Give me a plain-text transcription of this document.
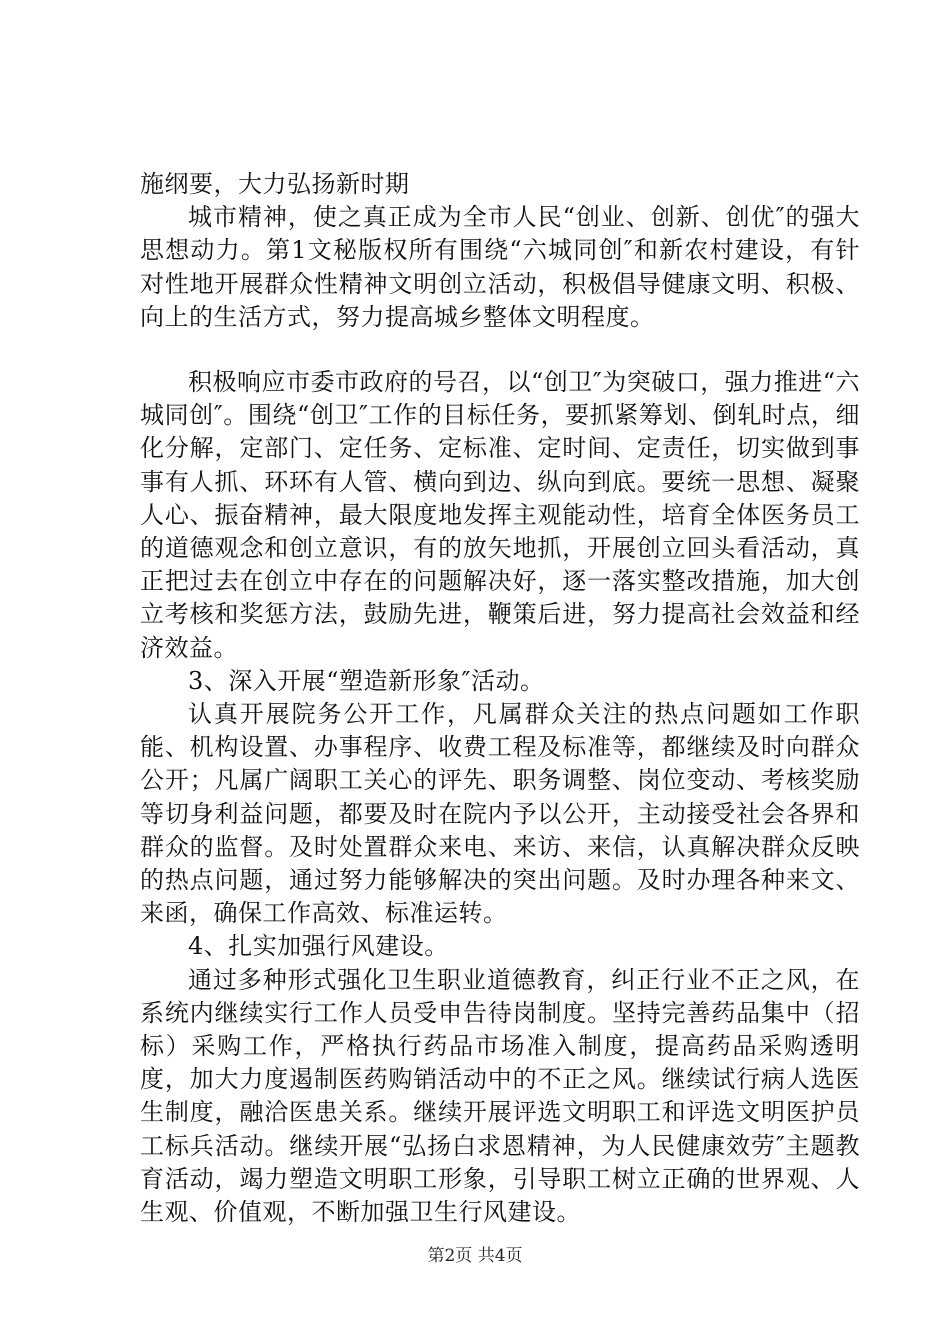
施纲要，大力弘扬新时期

城市精神，使之真正成为全市人民“创业、创新、创优″的强大思想动力。第1文秘版权所有围绕“六城同创″和新农村建设，有针对性地开展群众性精神文明创立活动，积极倡导健康文明、积极、向上的生活方式，努力提高城乡整体文明程度。

积极响应市委市政府的号召，以“创卫″为突破口，强力推进“六城同创″。围绕“创卫″工作的目标任务，要抓紧筹划、倒轧时点，细化分解，定部门、定任务、定标准、定时间、定责任，切实做到事事有人抓、环环有人管、横向到边、纵向到底。要统一思想、凝聚人心、振奋精神，最大限度地发挥主观能动性，培育全体医务员工的道德观念和创立意识，有的放矢地抓，开展创立回头看活动，真正把过去在创立中存在的问题解决好，逐一落实整改措施，加大创立考核和奖惩方法，鼓励先进，鞭策后进，努力提高社会效益和经济效益。

3、深入开展“塑造新形象″活动。

认真开展院务公开工作，凡属群众关注的热点问题如工作职能、机构设置、办事程序、收费工程及标准等，都继续及时向群众公开；凡属广阔职工关心的评先、职务调整、岗位变动、考核奖励等切身利益问题，都要及时在院内予以公开，主动接受社会各界和群众的监督。及时处置群众来电、来访、来信，认真解决群众反映的热点问题，通过努力能够解决的突出问题。及时办理各种来文、来函，确保工作高效、标准运转。

4、扎实加强行风建设。

通过多种形式强化卫生职业道德教育，纠正行业不正之风，在系统内继续实行工作人员受申告待岗制度。坚持完善药品集中（招标）采购工作，严格执行药品市场准入制度，提高药品采购透明度，加大力度遏制医药购销活动中的不正之风。继续试行病人选医生制度，融洽医患关系。继续开展评选文明职工和评选文明医护员工标兵活动。继续开展“弘扬白求恩精神，为人民健康效劳″主题教育活动，竭力塑造文明职工形象，引导职工树立正确的世界观、人生观、价值观，不断加强卫生行风建设。

第2页 共4页
